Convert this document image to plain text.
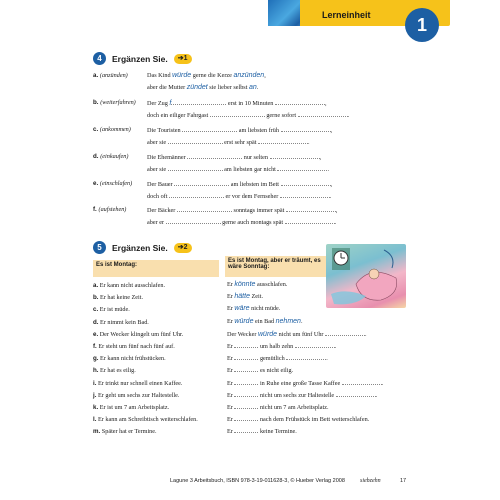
Lerneinheit	1
4	Ergänzen Sie.	➔1
a. (anzünden)	Das Kind würde gerne die Kerze anzünden,
aber die Mutter zündet sie lieber selbst an.
b. (weiterfahren) Der Zug f	erst in 10 Minuten	,
doch ein eiliger Fahrgast	gerne sofort	.
c. (ankommen)	Die Touristen	am liebsten früh	,
aber sie	erst sehr spät	.
d. (einkaufen)	Die Ehemänner	nur selten	,
aber sie	am liebsten gar nicht	.
e. (einschlafen) Der Bauer	am liebsten im Bett	,
doch oft	er vor dem Fernseher	.
f. (aufstehen)	Der Bäcker	sonntags immer spät	,
aber er	gerne auch montags spät	.
5	Ergänzen Sie.	➔2
Es ist Montag:
Es ist Montag, aber er träumt, es wäre Sonntag:
a. Er kann nicht ausschlafen.	Er könnte ausschlafen.
b. Er hat keine Zeit.	Er hätte Zeit.
c. Er ist müde.	Er wäre nicht müde.
d. Er nimmt kein Bad.	Er würde ein Bad nehmen.
e. Der Wecker klingelt um fünf Uhr.	Der Wecker würde nicht um fünf Uhr	.
f. Er steht um fünf nach fünf auf.	Er	um halb zehn	.
g. Er kann nicht frühstücken.	Er	gemütlich	.
h. Er hat es eilig.	Er	es nicht eilig.
i. Er trinkt nur schnell einen Kaffee.	Er	in Ruhe eine große Tasse Kaffee	.
j. Er geht um sechs zur Haltestelle.	Er	nicht um sechs zur Haltestelle	.
k. Er ist um 7 am Arbeitsplatz.	Er	nicht um 7 am Arbeitsplatz.
l. Er kann am Schreibtisch weiterschlafen.	Er	nach dem Frühstück im Bett weiterschlafen.
m. Später hat er Termine.	Er	keine Termine.
Lagune 3 Arbeitsbuch, ISBN 978-3-19-011628-3, © Hueber Verlag 2008	siebzehn	17
